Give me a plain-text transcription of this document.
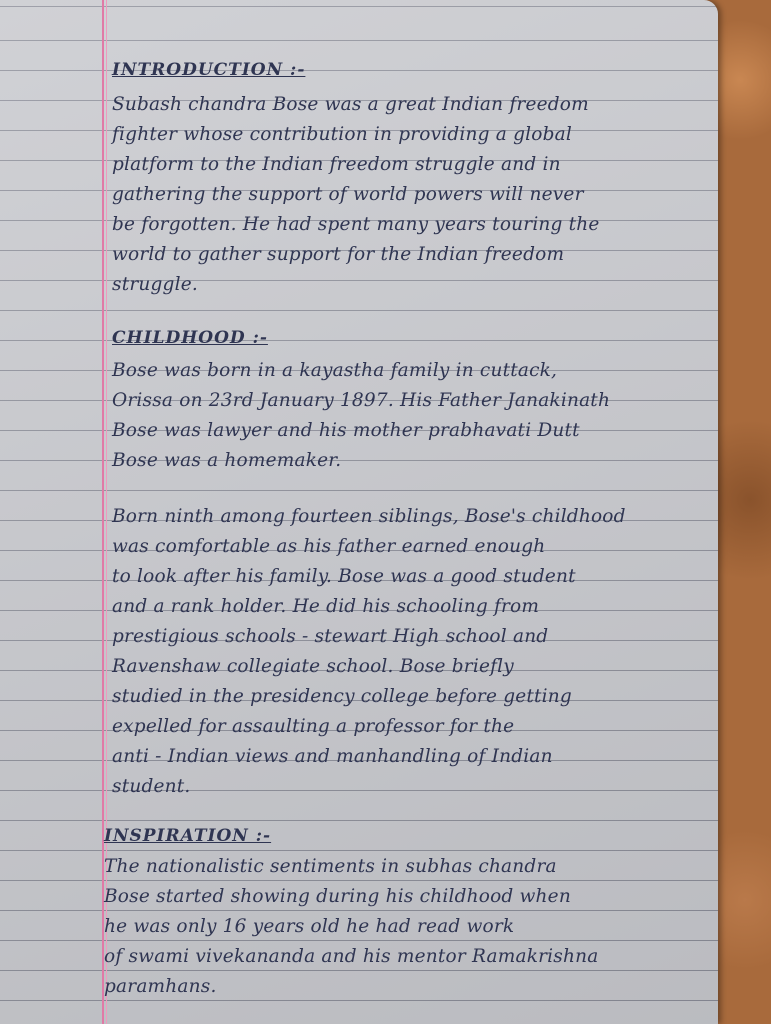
INTRODUCTION :-
Subash chandra Bose was a great Indian freedom
fighter whose contribution in providing a global
platform to the Indian freedom struggle and in
gathering the support of world powers will never
be forgotten. He had spent many years touring the
world to gather support for the Indian freedom
struggle.
CHILDHOOD :-
Bose was born in a kayastha family in cuttack,
Orissa on 23rd January 1897. His Father Janakinath
Bose was lawyer and his mother prabhavati Dutt
Bose was a homemaker.
Born ninth among fourteen siblings, Bose's childhood
was comfortable as his father earned enough
to look after his family. Bose was a good student
and a rank holder. He did his schooling from
prestigious schools - stewart High school and
Ravenshaw collegiate school. Bose briefly
studied in the presidency college before getting
expelled for assaulting a professor for the
anti - Indian views and manhandling of Indian
student.
INSPIRATION :-
The nationalistic sentiments in subhas chandra
Bose started showing during his childhood when
he was only 16 years old he had read work
of swami vivekananda and his mentor Ramakrishna
paramhans.
